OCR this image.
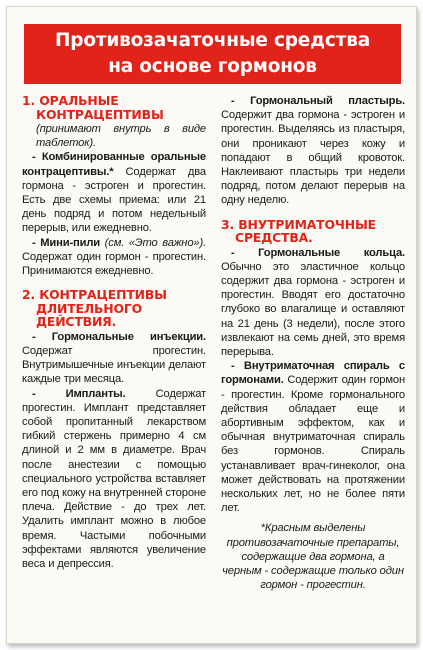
Противозачаточные средства
на основе гормонов
1. ОРАЛЬНЫЕ
КОНТРАЦЕПТИВЫ

(принимают внутрь в виде таблеток).

- Комбинированные оральные контрацептивы.* Содержат два гормона - эстроген и прогестин. Есть две схемы приема: или 21 день подряд и потом недельный перерыв, или ежедневно.

- Мини-пили (см. «Это важно»). Содержат один гормон - прогестин. Принимаются ежедневно.

2. КОНТРАЦЕПТИВЫ
ДЛИТЕЛЬНОГО
ДЕЙСТВИЯ.

- Гормональные инъекции. Содержат прогестин. Внутримышечные инъекции делают каждые три месяца.

- Импланты. Содержат прогестин. Имплант представляет собой пропитанный лекарством гибкий стержень примерно 4 см длиной и 2 мм в диаметре. Врач после анестезии с помощью специального устройства вставляет его под кожу на внутренней стороне плеча. Действие - до трех лет. Удалить имплант можно в любое время. Частыми побочными эффектами являются увеличение веса и депрессия.

- Гормональный пластырь. Содержит два гормона - эстроген и прогестин. Выделяясь из пластыря, они проникают через кожу и попадают в общий кровоток. Наклеивают пластырь три недели подряд, потом делают перерыв на одну неделю.

3. ВНУТРИМАТОЧНЫЕ
СРЕДСТВА.

- Гормональные кольца. Обычно это эластичное кольцо содержит два гормона - эстроген и прогестин. Вводят его достаточно глубоко во влагалище и оставляют на 21 день (3 недели), после этого извлекают на семь дней, это время перерыва.

- Внутриматочная спираль с гормонами. Содержит один гормон - прогестин. Кроме гормонального действия обладает еще и абортивным эффектом, как и обычная внутриматочная спираль без гормонов. Спираль устанавливает врач-гинеколог, она может действовать на протяжении нескольких лет, но не более пяти лет.

*Красным выделены противозачаточные препараты, содержащие два гормона, а черным - содержащие только один гормон - прогестин.
